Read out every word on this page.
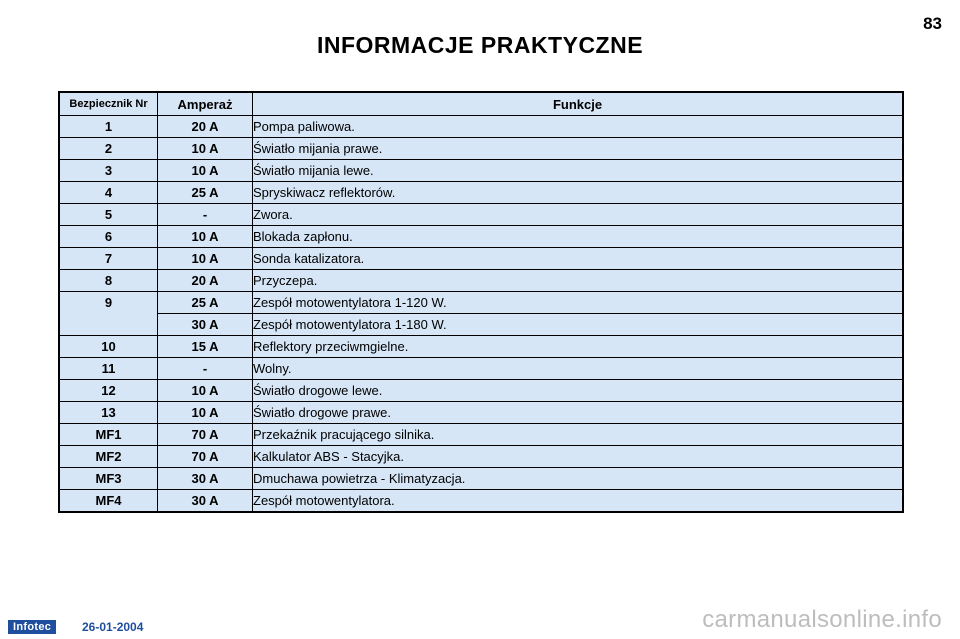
83
INFORMACJE PRAKTYCZNE
Bezpiecznik Nr	Amperaż	Funkcje
1	20 A	Pompa paliwowa.
2	10 A	Światło mijania prawe.
3	10 A	Światło mijania lewe.
4	25 A	Spryskiwacz reflektorów.
5	-	Zwora.
6	10 A	Blokada zapłonu.
7	10 A	Sonda katalizatora.
8	20 A	Przyczepa.
9	25 A	Zespół motowentylatora 1-120 W.
	30 A	Zespół motowentylatora 1-180 W.
10	15 A	Reflektory przeciwmgielne.
11	-	Wolny.
12	10 A	Światło drogowe lewe.
13	10 A	Światło drogowe prawe.
MF1	70 A	Przekaźnik pracującego silnika.
MF2	70 A	Kalkulator ABS - Stacyjka.
MF3	30 A	Dmuchawa powietrza - Klimatyzacja.
MF4	30 A	Zespół motowentylatora.
Infotec	26-01-2004	carmanualsonline.info
